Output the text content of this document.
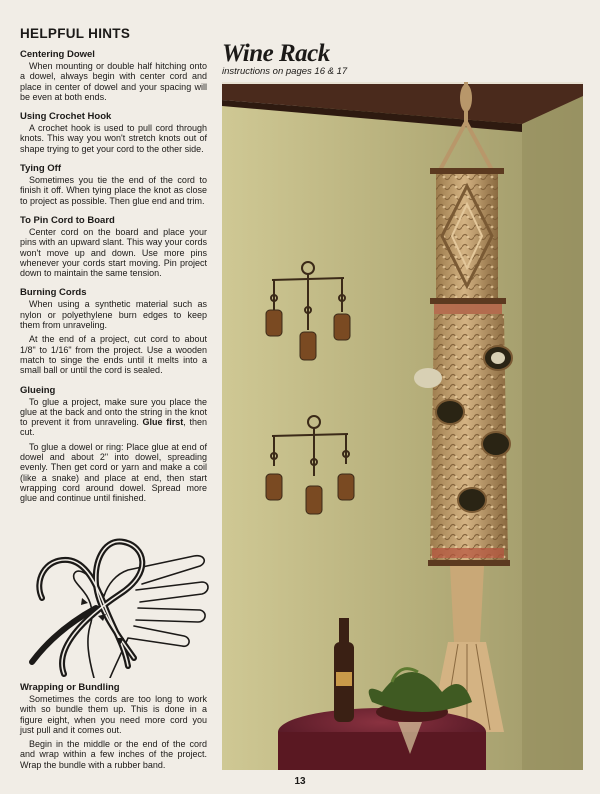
HELPFUL HINTS
Centering Dowel

When mounting or double half hitching onto a dowel, always begin with center cord and place in center of dowel and your spacing will be even at both ends.

Using Crochet Hook

A crochet hook is used to pull cord through knots. This way you won't stretch knots out of shape trying to get your cord to the other side.

Tying Off

Sometimes you tie the end of the cord to finish it off. When tying place the knot as close to project as possible. Then glue end and trim.

To Pin Cord to Board

Center cord on the board and place your pins with an upward slant. This way your cords won't move up and down. Use more pins whenever your cords start moving. Pin project down to maintain the same tension.

Burning Cords

When using a synthetic material such as nylon or polyethylene burn edges to keep them from unraveling.

At the end of a project, cut cord to about 1/8" to 1/16" from the project. Use a wooden match to singe the ends until it melts into a small ball or until the cord is sealed.

Glueing

To glue a project, make sure you place the glue at the back and onto the string in the knot to prevent it from unraveling. Glue first, then cut.

To glue a dowel or ring: Place glue at end of dowel and about 2" into dowel, spreading evenly. Then get cord or yarn and make a coil (like a snake) and place at end, then start wrapping cord around dowel. Spread more glue and continue until finished.

Wrapping or Bundling

Sometimes the cords are too long to work with so bundle them up. This is done in a figure eight, when you need more cord you just pull and it comes out.

Begin in the middle or the end of the cord and wrap within a few inches of the project. Wrap the bundle with a rubber band.

Wine Rack
instructions on pages 16 & 17
13
